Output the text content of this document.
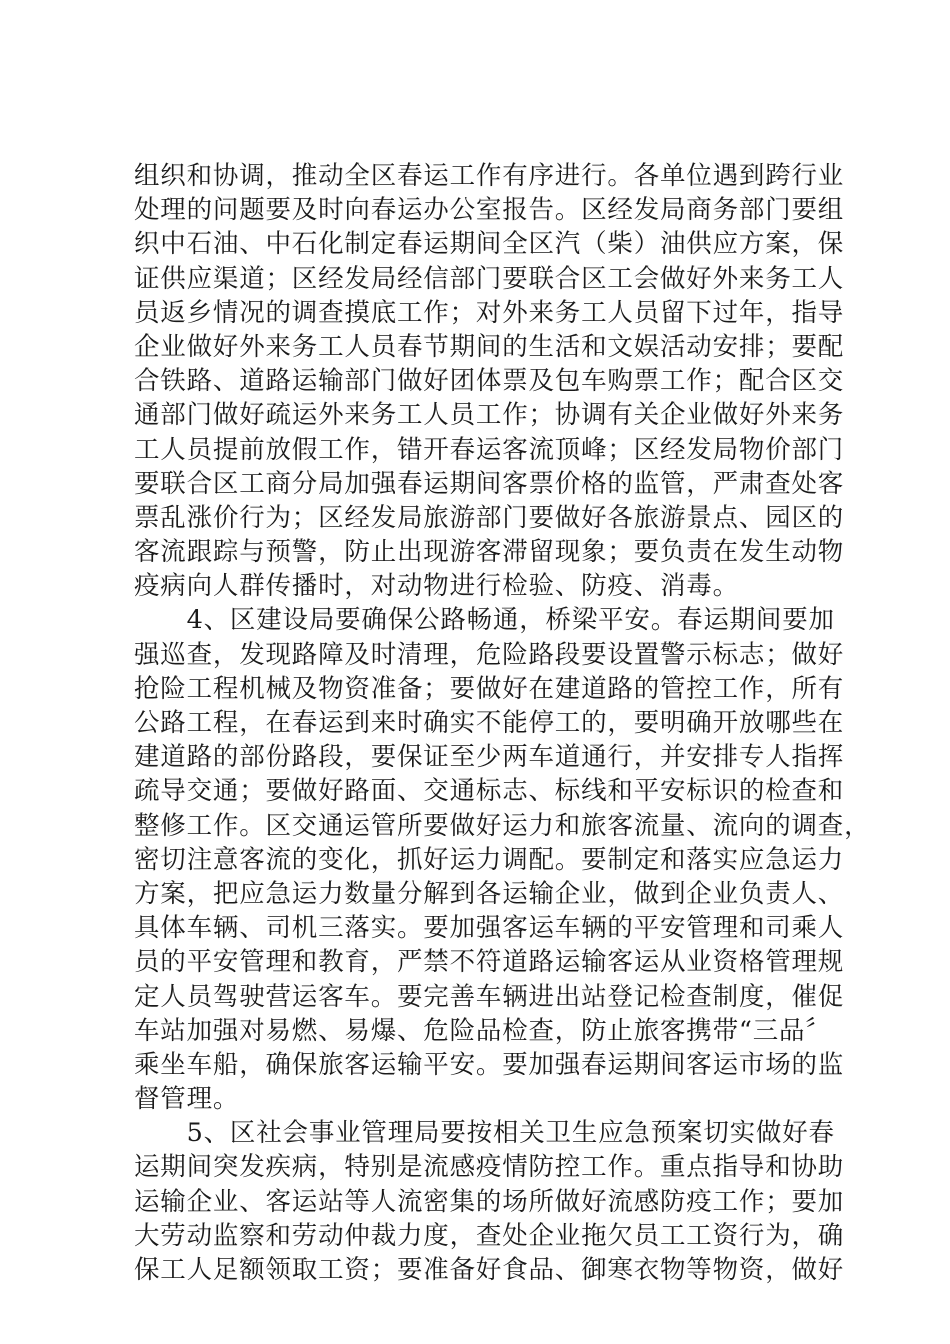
组织和协调，推动全区春运工作有序进行。各单位遇到跨行业
处理的问题要及时向春运办公室报告。区经发局商务部门要组
织中石油、中石化制定春运期间全区汽（柴）油供应方案，保
证供应渠道；区经发局经信部门要联合区工会做好外来务工人
员返乡情况的调查摸底工作；对外来务工人员留下过年，指导
企业做好外来务工人员春节期间的生活和文娱活动安排；要配
合铁路、道路运输部门做好团体票及包车购票工作；配合区交
通部门做好疏运外来务工人员工作；协调有关企业做好外来务
工人员提前放假工作，错开春运客流顶峰；区经发局物价部门
要联合区工商分局加强春运期间客票价格的监管，严肃查处客
票乱涨价行为；区经发局旅游部门要做好各旅游景点、园区的
客流跟踪与预警，防止出现游客滞留现象；要负责在发生动物
疫病向人群传播时，对动物进行检验、防疫、消毒。
　　4、区建设局要确保公路畅通，桥梁平安。春运期间要加
强巡查，发现路障及时清理，危险路段要设置警示标志；做好
抢险工程机械及物资准备；要做好在建道路的管控工作，所有
公路工程，在春运到来时确实不能停工的，要明确开放哪些在
建道路的部份路段，要保证至少两车道通行，并安排专人指挥
疏导交通；要做好路面、交通标志、标线和平安标识的检查和
整修工作。区交通运管所要做好运力和旅客流量、流向的调查，
密切注意客流的变化，抓好运力调配。要制定和落实应急运力
方案，把应急运力数量分解到各运输企业，做到企业负责人、
具体车辆、司机三落实。要加强客运车辆的平安管理和司乘人
员的平安管理和教育，严禁不符道路运输客运从业资格管理规
定人员驾驶营运客车。要完善车辆进出站登记检查制度，催促
车站加强对易燃、易爆、危险品检查，防止旅客携带“三品〞
乘坐车船，确保旅客运输平安。要加强春运期间客运市场的监
督管理。
　　5、区社会事业管理局要按相关卫生应急预案切实做好春
运期间突发疾病，特别是流感疫情防控工作。重点指导和协助
运输企业、客运站等人流密集的场所做好流感防疫工作；要加
大劳动监察和劳动仲裁力度，查处企业拖欠员工工资行为，确
保工人足额领取工资；要准备好食品、御寒衣物等物资，做好
